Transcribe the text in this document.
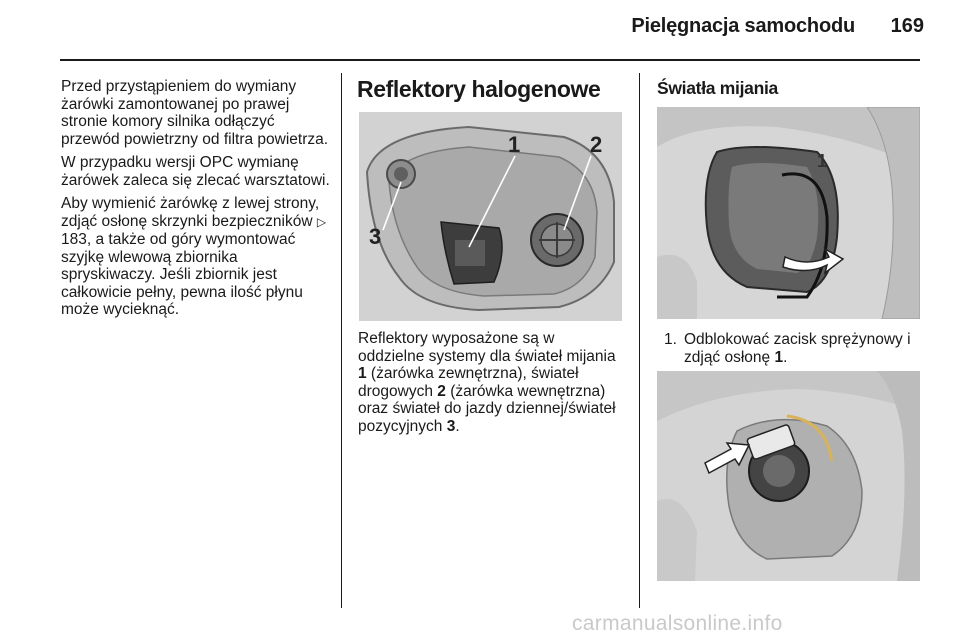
Pielęgnacja samochodu 169

Przed przystąpieniem do wymiany żarówki zamontowanej po prawej stronie komory silnika odłączyć przewód powietrzny od filtra powietrza.

W przypadku wersji OPC wymianę żarówek zaleca się zlecać warsztatowi.

Aby wymienić żarówkę z lewej strony, zdjąć osłonę skrzynki bezpieczników ▷ 183, a także od góry wymontować szyjkę wlewową zbiornika spryskiwaczy. Jeśli zbiornik jest całkowicie pełny, pewna ilość płynu może wycieknąć.

Reflektory halogenowe
1	2
3
Reflektory wyposażone są w oddzielne systemy dla świateł mijania 1 (żarówka zewnętrzna), świateł drogowych 2 (żarówka wewnętrzna) oraz świateł do jazdy dziennej/świateł pozycyjnych 3.
Światła mijania
1
1. Odblokować zacisk sprężynowy i zdjąć osłonę 1.
carmanualsonline.info
